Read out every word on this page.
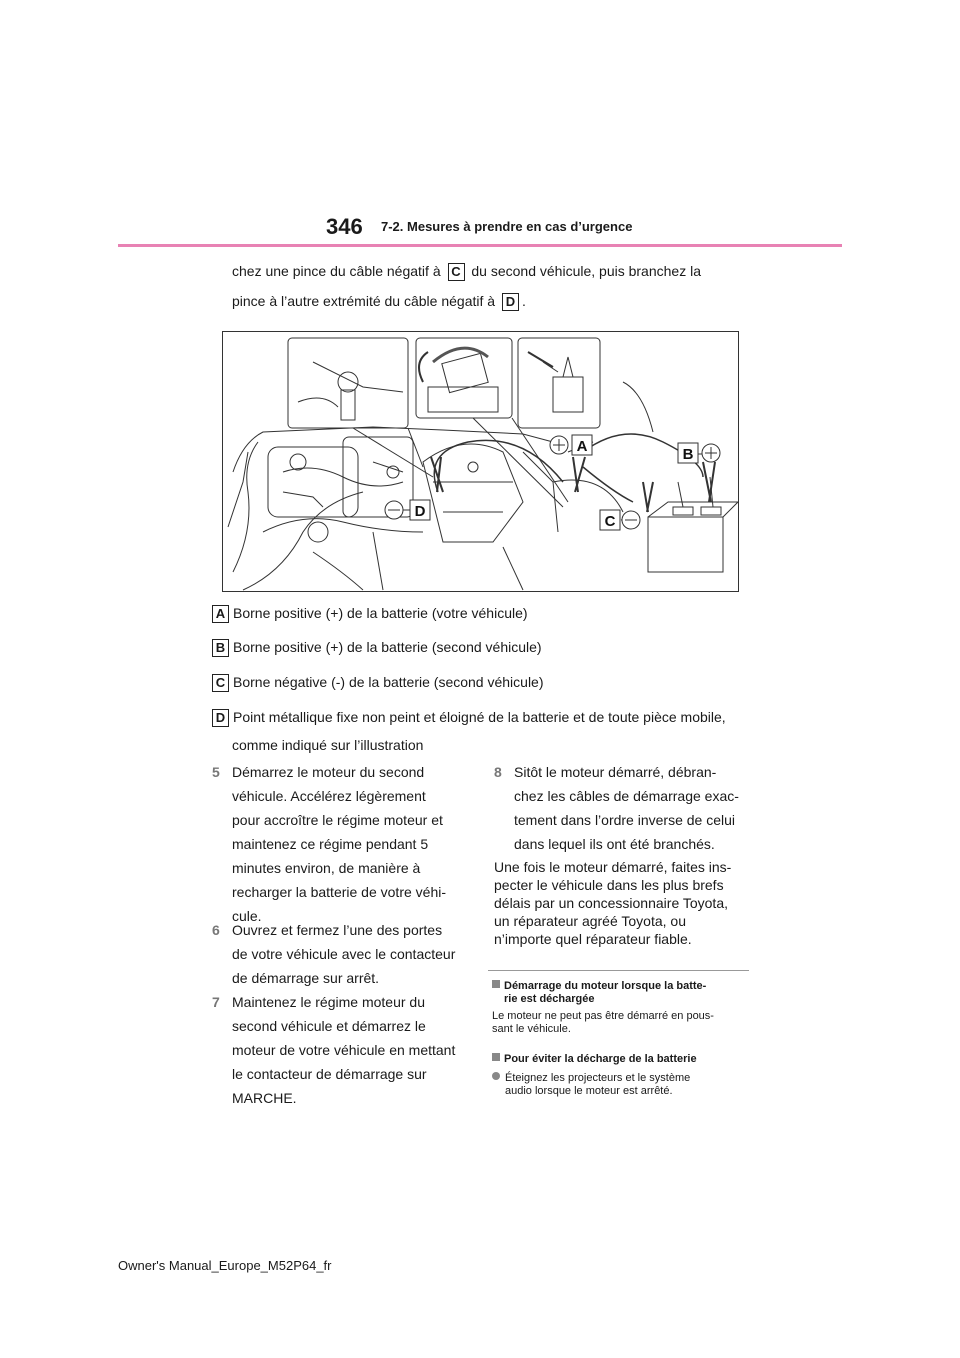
346 7-2. Mesures à prendre en cas d’urgence
chez une pince du câble négatif à C du second véhicule, puis branchez la
pince à l’autre extrémité du câble négatif à D .
A	B
C
D
A Borne positive (+) de la batterie (votre véhicule)
B Borne positive (+) de la batterie (second véhicule)
C Borne négative (-) de la batterie (second véhicule)
D Point métallique fixe non peint et éloigné de la batterie et de toute pièce mobile,
comme indiqué sur l’illustration
5 Démarrez le moteur du second
véhicule. Accélérez légèrement
pour accroître le régime moteur et
maintenez ce régime pendant 5
minutes environ, de manière à
recharger la batterie de votre véhi-
cule.
6 Ouvrez et fermez l’une des portes
de votre véhicule avec le contacteur
de démarrage sur arrêt.
7 Maintenez le régime moteur du
second véhicule et démarrez le
moteur de votre véhicule en mettant
le contacteur de démarrage sur
MARCHE.
8 Sitôt le moteur démarré, débran-
chez les câbles de démarrage exac-
tement dans l’ordre inverse de celui
dans lequel ils ont été branchés.
Une fois le moteur démarré, faites ins-
pecter le véhicule dans les plus brefs
délais par un concessionnaire Toyota,
un réparateur agréé Toyota, ou
n’importe quel réparateur fiable.
Démarrage du moteur lorsque la batte-
rie est déchargée
Le moteur ne peut pas être démarré en pous-
sant le véhicule.
Pour éviter la décharge de la batterie
Éteignez les projecteurs et le système
audio lorsque le moteur est arrêté.
Owner's Manual_Europe_M52P64_fr
